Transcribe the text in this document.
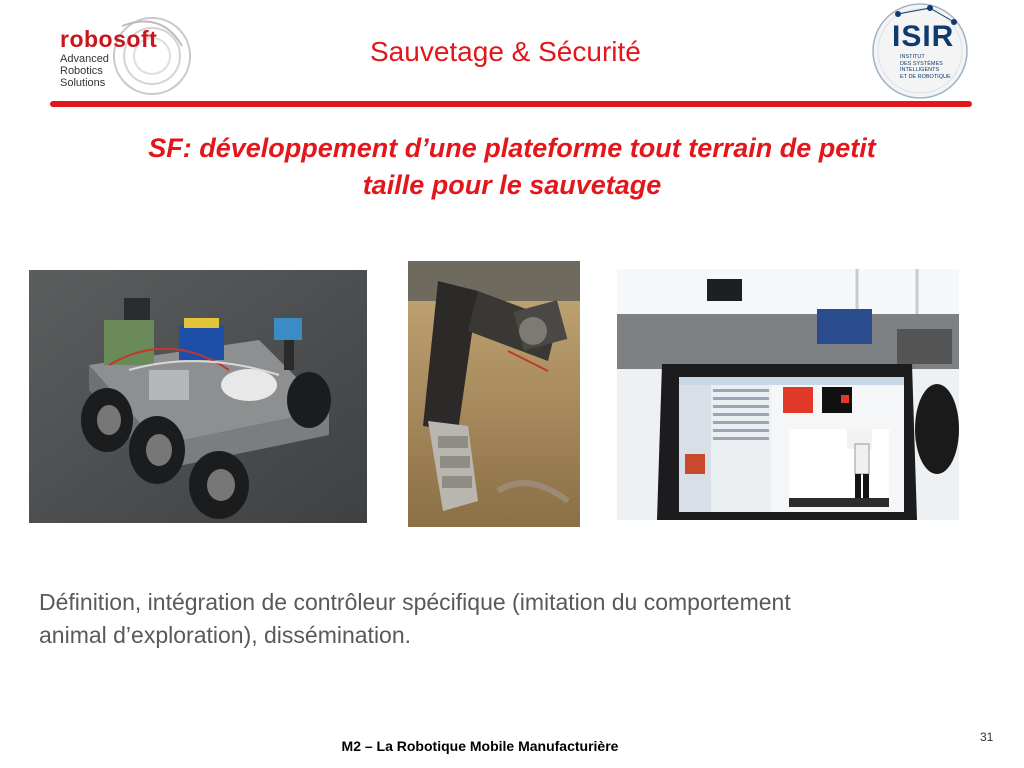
robosoft
Advanced
Robotics
Solutions
Sauvetage & Sécurité	ISIR
INSTITUT
DES SYSTÈMES
INTELLIGENTS
ET DE ROBOTIQUE
SF: développement d’une plateforme tout terrain de petit
taille pour le sauvetage
Définition, intégration de contrôleur spécifique (imitation du comportement animal d’exploration), dissémination.
M2 – La Robotique Mobile Manufacturière
31
